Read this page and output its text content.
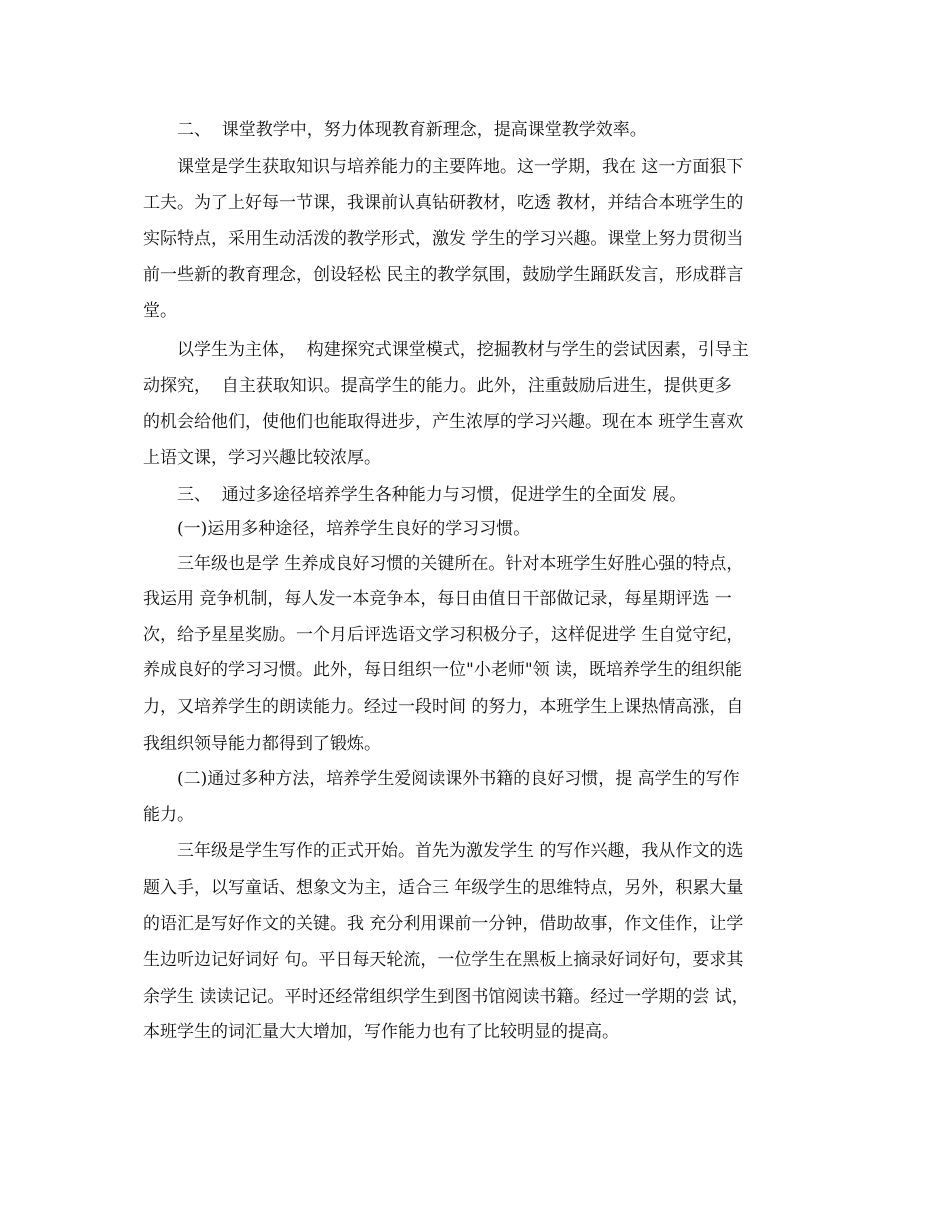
二、  课堂教学中，努力体现教育新理念，提高课堂教学效率。

课堂是学生获取知识与培养能力的主要阵地。这一学期，我在 这一方面狠下

工夫。为了上好每一节课，我课前认真钻研教材，吃透 教材，并结合本班学生的

实际特点，采用生动活泼的教学形式，激发 学生的学习兴趣。课堂上努力贯彻当

前一些新的教育理念，创设轻松 民主的教学氛围，鼓励学生踊跃发言，形成群言

堂。

以学生为主体，  构建探究式课堂模式，挖掘教材与学生的尝试因素，引导主

动探究，  自主获取知识。提高学生的能力。此外，注重鼓励后进生，提供更多

的机会给他们，使他们也能取得进步，产生浓厚的学习兴趣。现在本 班学生喜欢

上语文课，学习兴趣比较浓厚。

三、  通过多途径培养学生各种能力与习惯，促进学生的全面发 展。

(一)运用多种途径，培养学生良好的学习习惯。

三年级也是学 生养成良好习惯的关键所在。针对本班学生好胜心强的特点，

我运用 竞争机制，每人发一本竞争本，每日由值日干部做记录，每星期评选 一

次，给予星星奖励。一个月后评选语文学习积极分子，这样促进学 生自觉守纪，

养成良好的学习习惯。此外，每日组织一位"小老师"领 读，既培养学生的组织能

力，又培养学生的朗读能力。经过一段时间 的努力，本班学生上课热情高涨，自

我组织领导能力都得到了锻炼。

(二)通过多种方法，培养学生爱阅读课外书籍的良好习惯，提 高学生的写作

能力。

三年级是学生写作的正式开始。首先为激发学生 的写作兴趣，我从作文的选

题入手，以写童话、想象文为主，适合三 年级学生的思维特点，另外，积累大量

的语汇是写好作文的关键。我 充分利用课前一分钟，借助故事，作文佳作，让学

生边听边记好词好 句。平日每天轮流，一位学生在黑板上摘录好词好句，要求其

余学生 读读记记。平时还经常组织学生到图书馆阅读书籍。经过一学期的尝 试，

本班学生的词汇量大大增加，写作能力也有了比较明显的提高。
